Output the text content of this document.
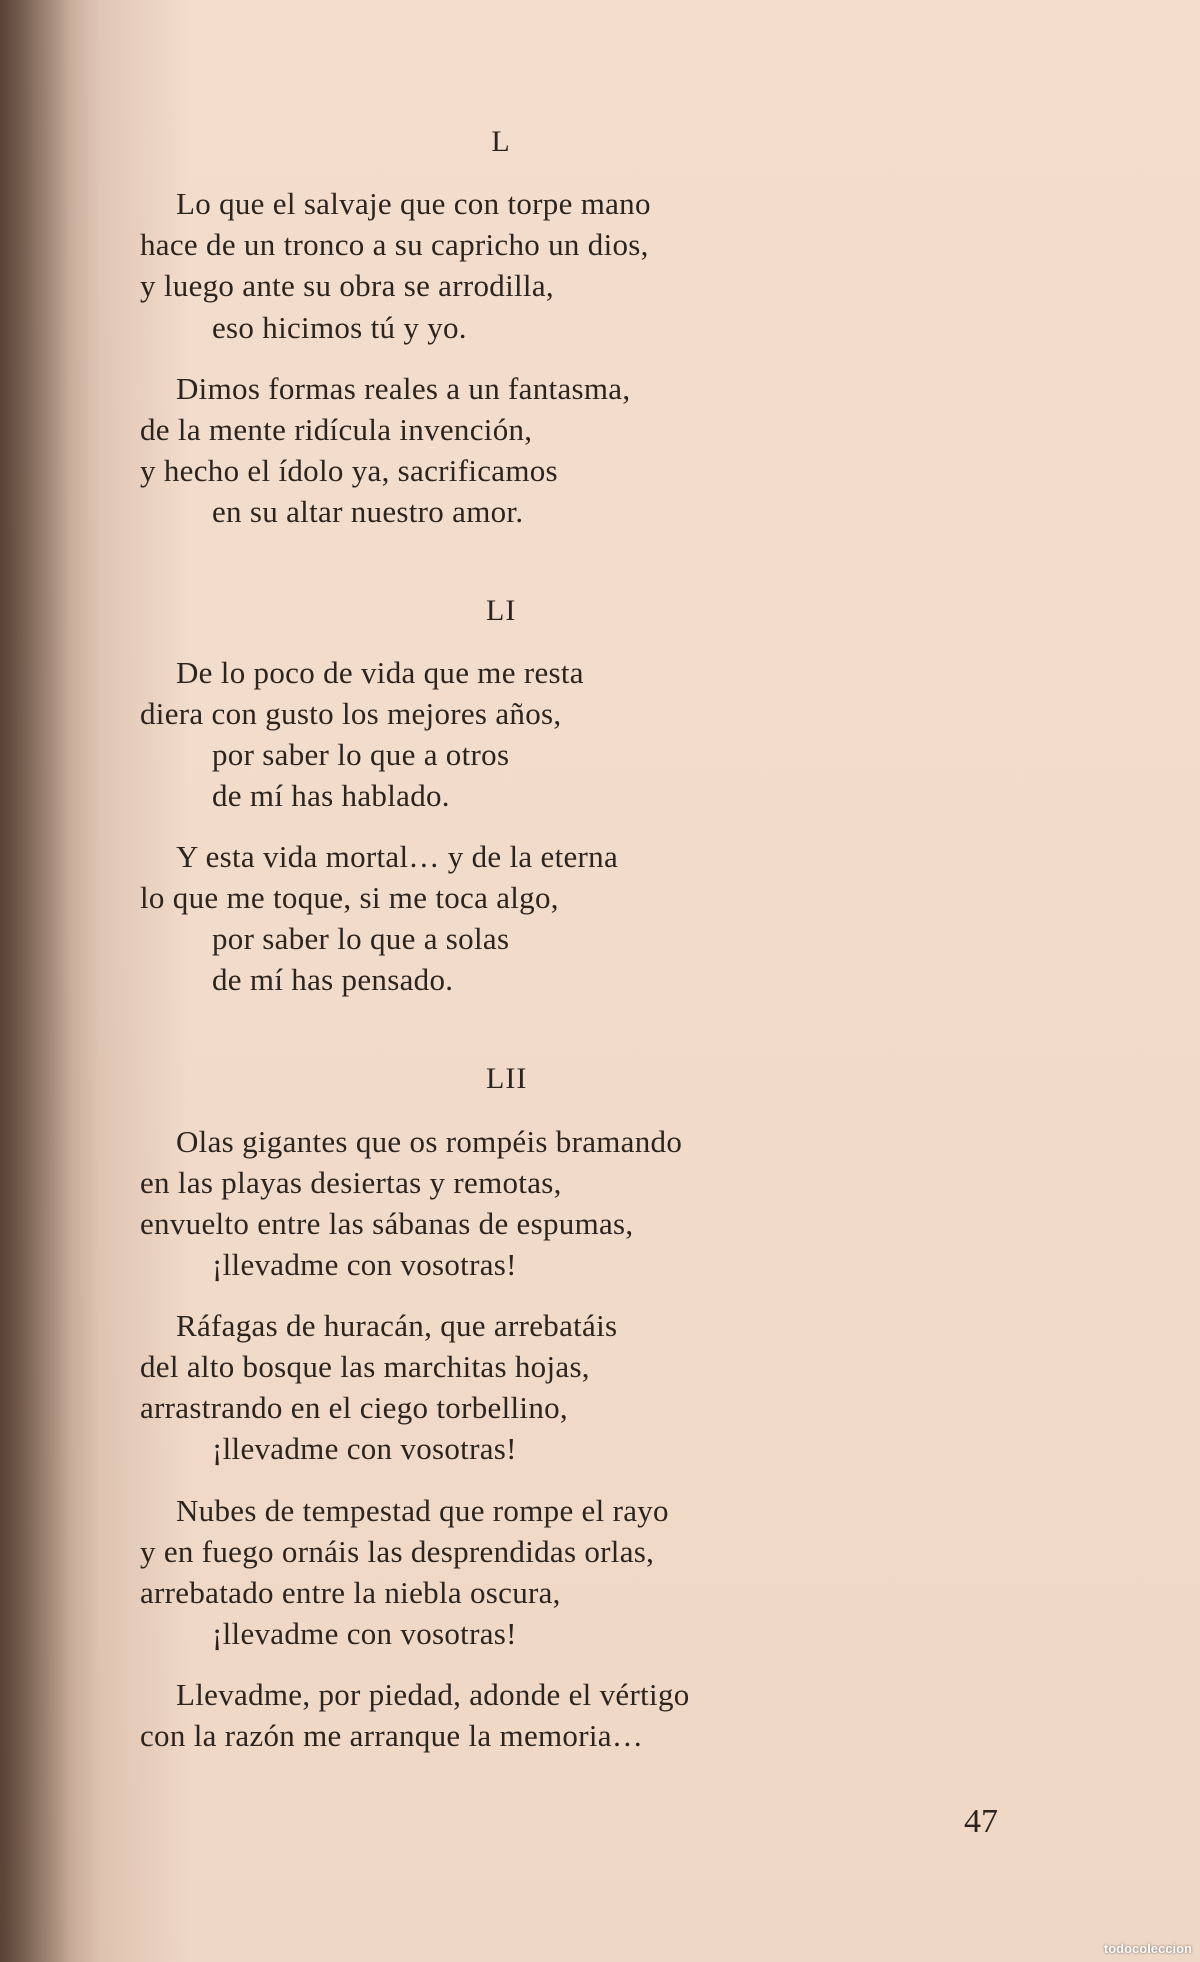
L
Lo que el salvaje que con torpe mano
hace de un tronco a su capricho un dios,
y luego ante su obra se arrodilla,
eso hicimos tú y yo.
Dimos formas reales a un fantasma,
de la mente ridícula invención,
y hecho el ídolo ya, sacrificamos
en su altar nuestro amor.
LI
De lo poco de vida que me resta
diera con gusto los mejores años,
por saber lo que a otros
de mí has hablado.
Y esta vida mortal… y de la eterna
lo que me toque, si me toca algo,
por saber lo que a solas
de mí has pensado.
LII
Olas gigantes que os rompéis bramando
en las playas desiertas y remotas,
envuelto entre las sábanas de espumas,
¡llevadme con vosotras!
Ráfagas de huracán, que arrebatáis
del alto bosque las marchitas hojas,
arrastrando en el ciego torbellino,
¡llevadme con vosotras!
Nubes de tempestad que rompe el rayo
y en fuego ornáis las desprendidas orlas,
arrebatado entre la niebla oscura,
¡llevadme con vosotras!
Llevadme, por piedad, adonde el vértigo
con la razón me arranque la memoria…
47
todocoleccion
